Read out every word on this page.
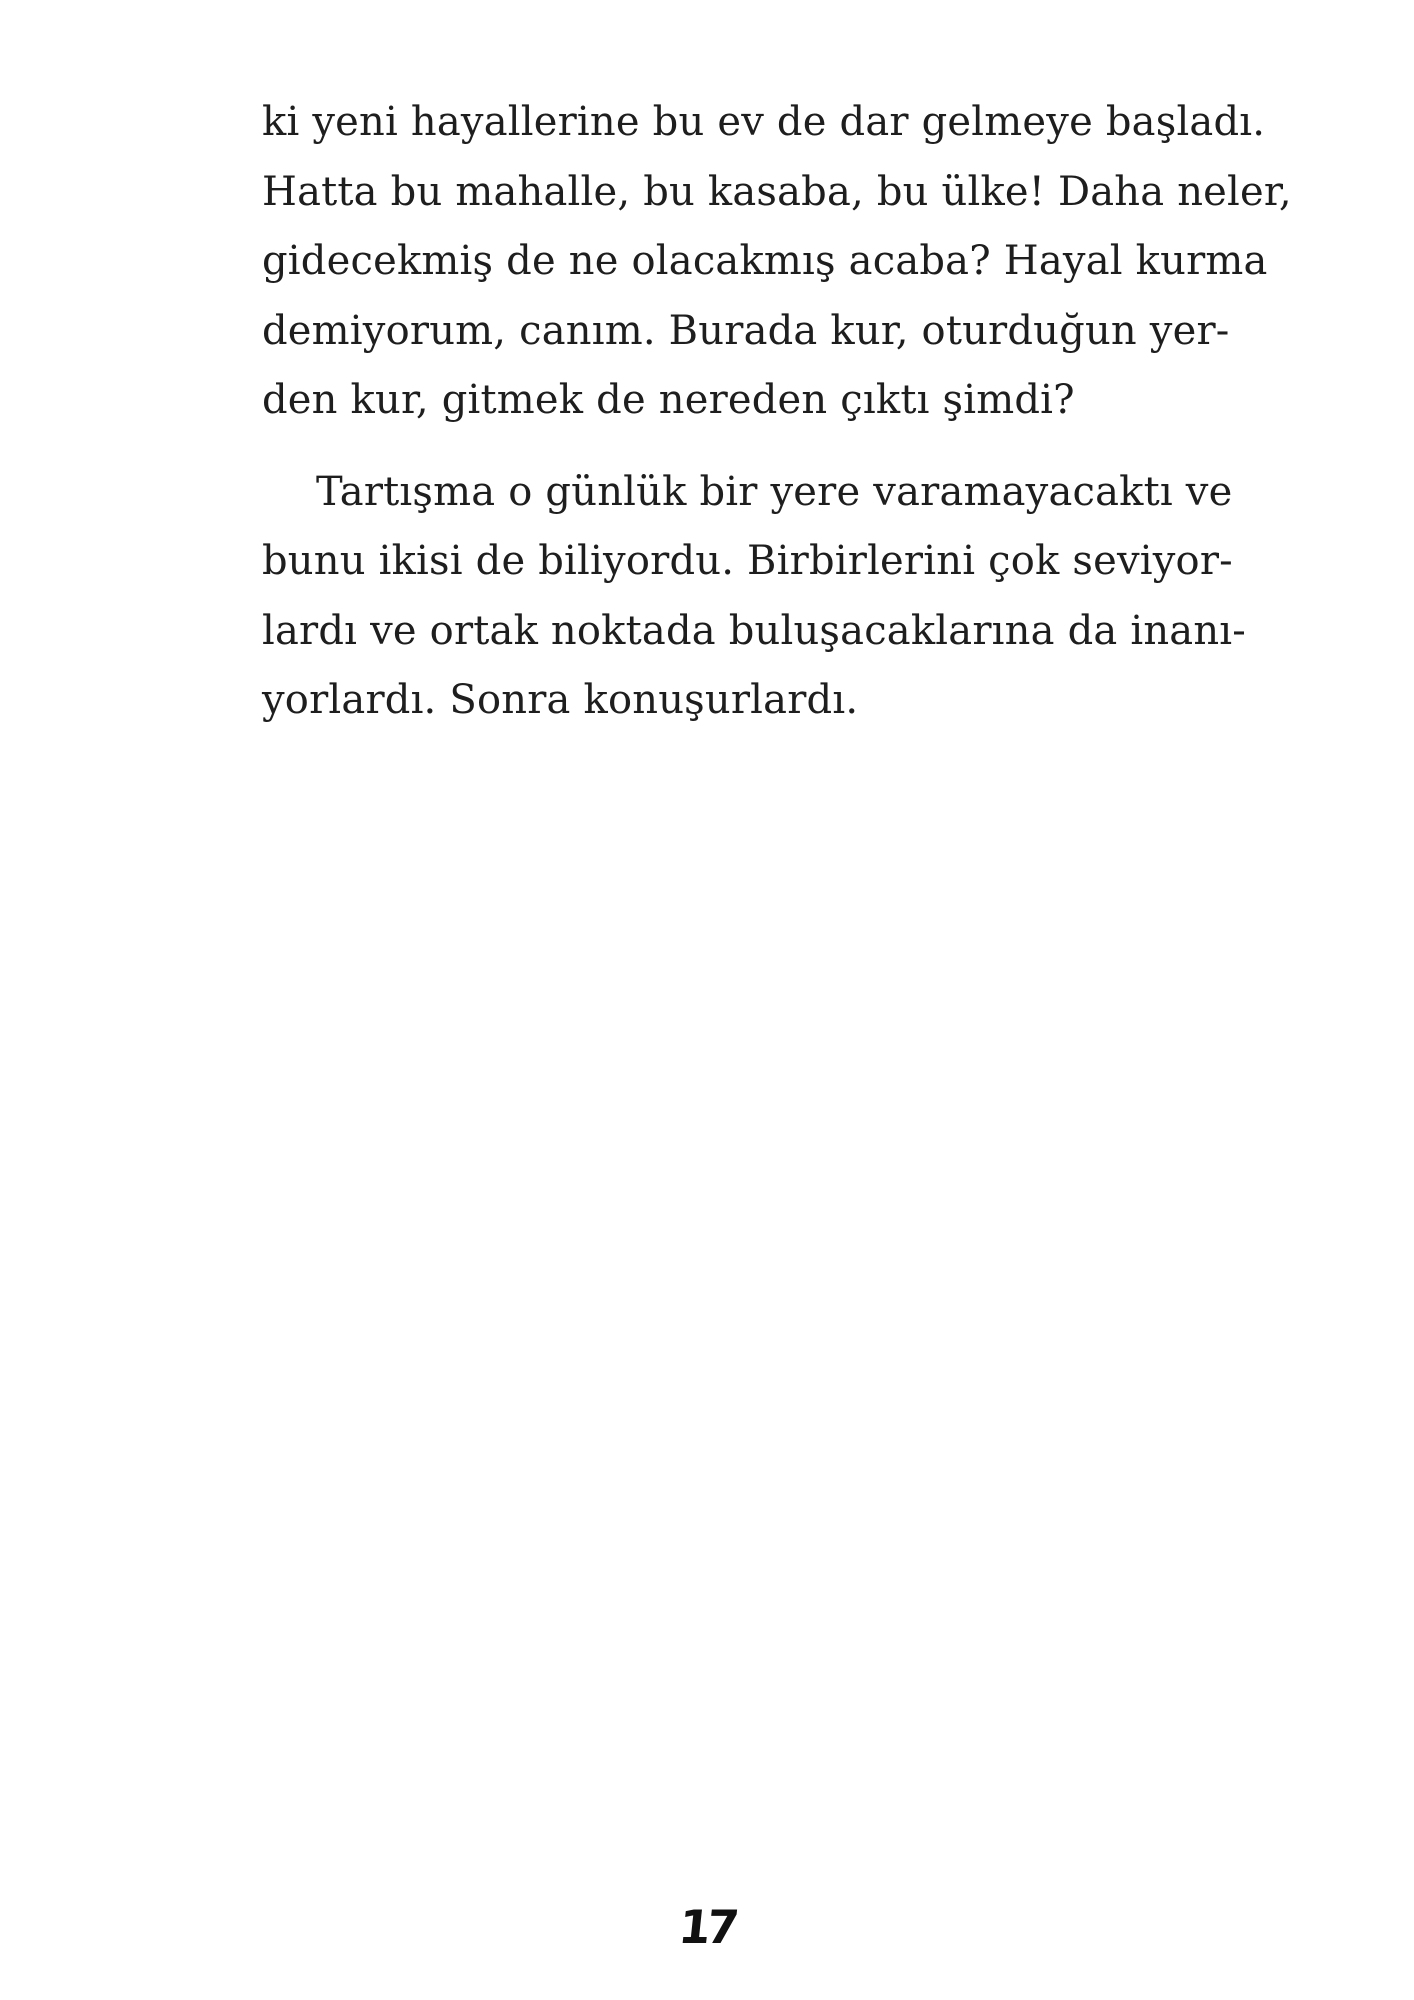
ki yeni hayallerine bu ev de dar gelmeye başladı.
Hatta bu mahalle, bu kasaba, bu ülke! Daha neler,
gidecekmiş de ne olacakmış acaba? Hayal kurma
demiyorum, canım. Burada kur, oturduğun yer-
den kur, gitmek de nereden çıktı şimdi?

Tartışma o günlük bir yere varamayacaktı ve
bunu ikisi de biliyordu. Birbirlerini çok seviyor-
lardı ve ortak noktada buluşacaklarına da inanı-
yorlardı. Sonra konuşurlardı.

17
